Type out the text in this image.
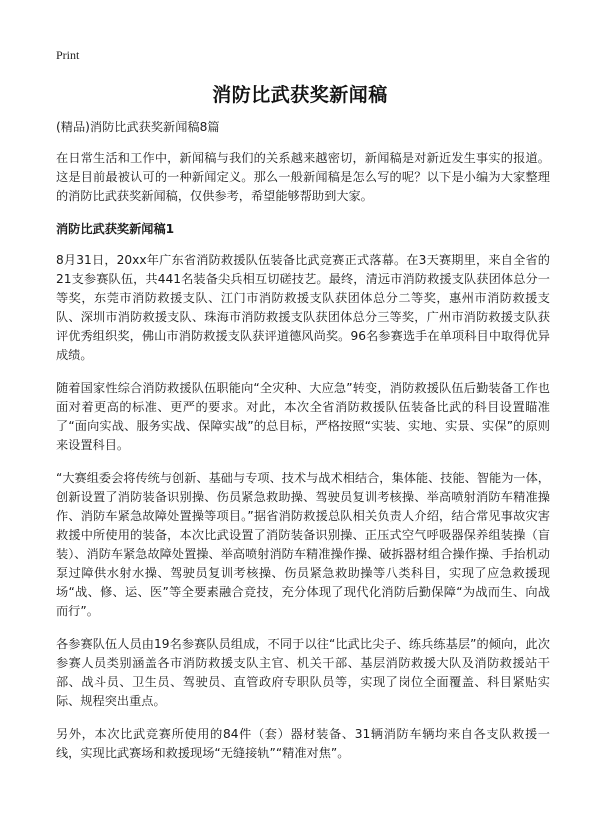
Print
消防比武获奖新闻稿

(精品)消防比武获奖新闻稿8篇

在日常生活和工作中，新闻稿与我们的关系越来越密切，新闻稿是对新近发生事实的报道。这是目前最被认可的一种新闻定义。那么一般新闻稿是怎么写的呢？以下是小编为大家整理的消防比武获奖新闻稿，仅供参考，希望能够帮助到大家。

消防比武获奖新闻稿1

8月31日，20xx年广东省消防救援队伍装备比武竞赛正式落幕。在3天赛期里，来自全省的21支参赛队伍，共441名装备尖兵相互切磋技艺。最终，清远市消防救援支队获团体总分一等奖，东莞市消防救援支队、江门市消防救援支队获团体总分二等奖，惠州市消防救援支队、深圳市消防救援支队、珠海市消防救援支队获团体总分三等奖，广州市消防救援支队获评优秀组织奖，佛山市消防救援支队获评道德风尚奖。96名参赛选手在单项科目中取得优异成绩。

随着国家性综合消防救援队伍职能向“全灾种、大应急”转变，消防救援队伍后勤装备工作也面对着更高的标准、更严的要求。对此，本次全省消防救援队伍装备比武的科目设置瞄准了“面向实战、服务实战、保障实战”的总目标，严格按照“实装、实地、实景、实保”的原则来设置科目。

“大赛组委会将传统与创新、基础与专项、技术与战术相结合，集体能、技能、智能为一体，创新设置了消防装备识别操、伤员紧急救助操、驾驶员复训考核操、举高喷射消防车精准操作、消防车紧急故障处置操等项目。”据省消防救援总队相关负责人介绍，结合常见事故灾害救援中所使用的装备，本次比武设置了消防装备识别操、正压式空气呼吸器保养组装操（盲装）、消防车紧急故障处置操、举高喷射消防车精准操作操、破拆器材组合操作操、手抬机动泵过障供水射水操、驾驶员复训考核操、伤员紧急救助操等八类科目，实现了应急救援现场“战、修、运、医”等全要素融合竞技，充分体现了现代化消防后勤保障“为战而生、向战而行”。

各参赛队伍人员由19名参赛队员组成，不同于以往“比武比尖子、练兵练基层”的倾向，此次参赛人员类别涵盖各市消防救援支队主官、机关干部、基层消防救援大队及消防救援站干部、战斗员、卫生员、驾驶员、直管政府专职队员等，实现了岗位全面覆盖、科目紧贴实际、规程突出重点。

另外，本次比武竞赛所使用的84件（套）器材装备、31辆消防车辆均来自各支队救援一线，实现比武赛场和救援现场“无缝接轨”“精准对焦”。
